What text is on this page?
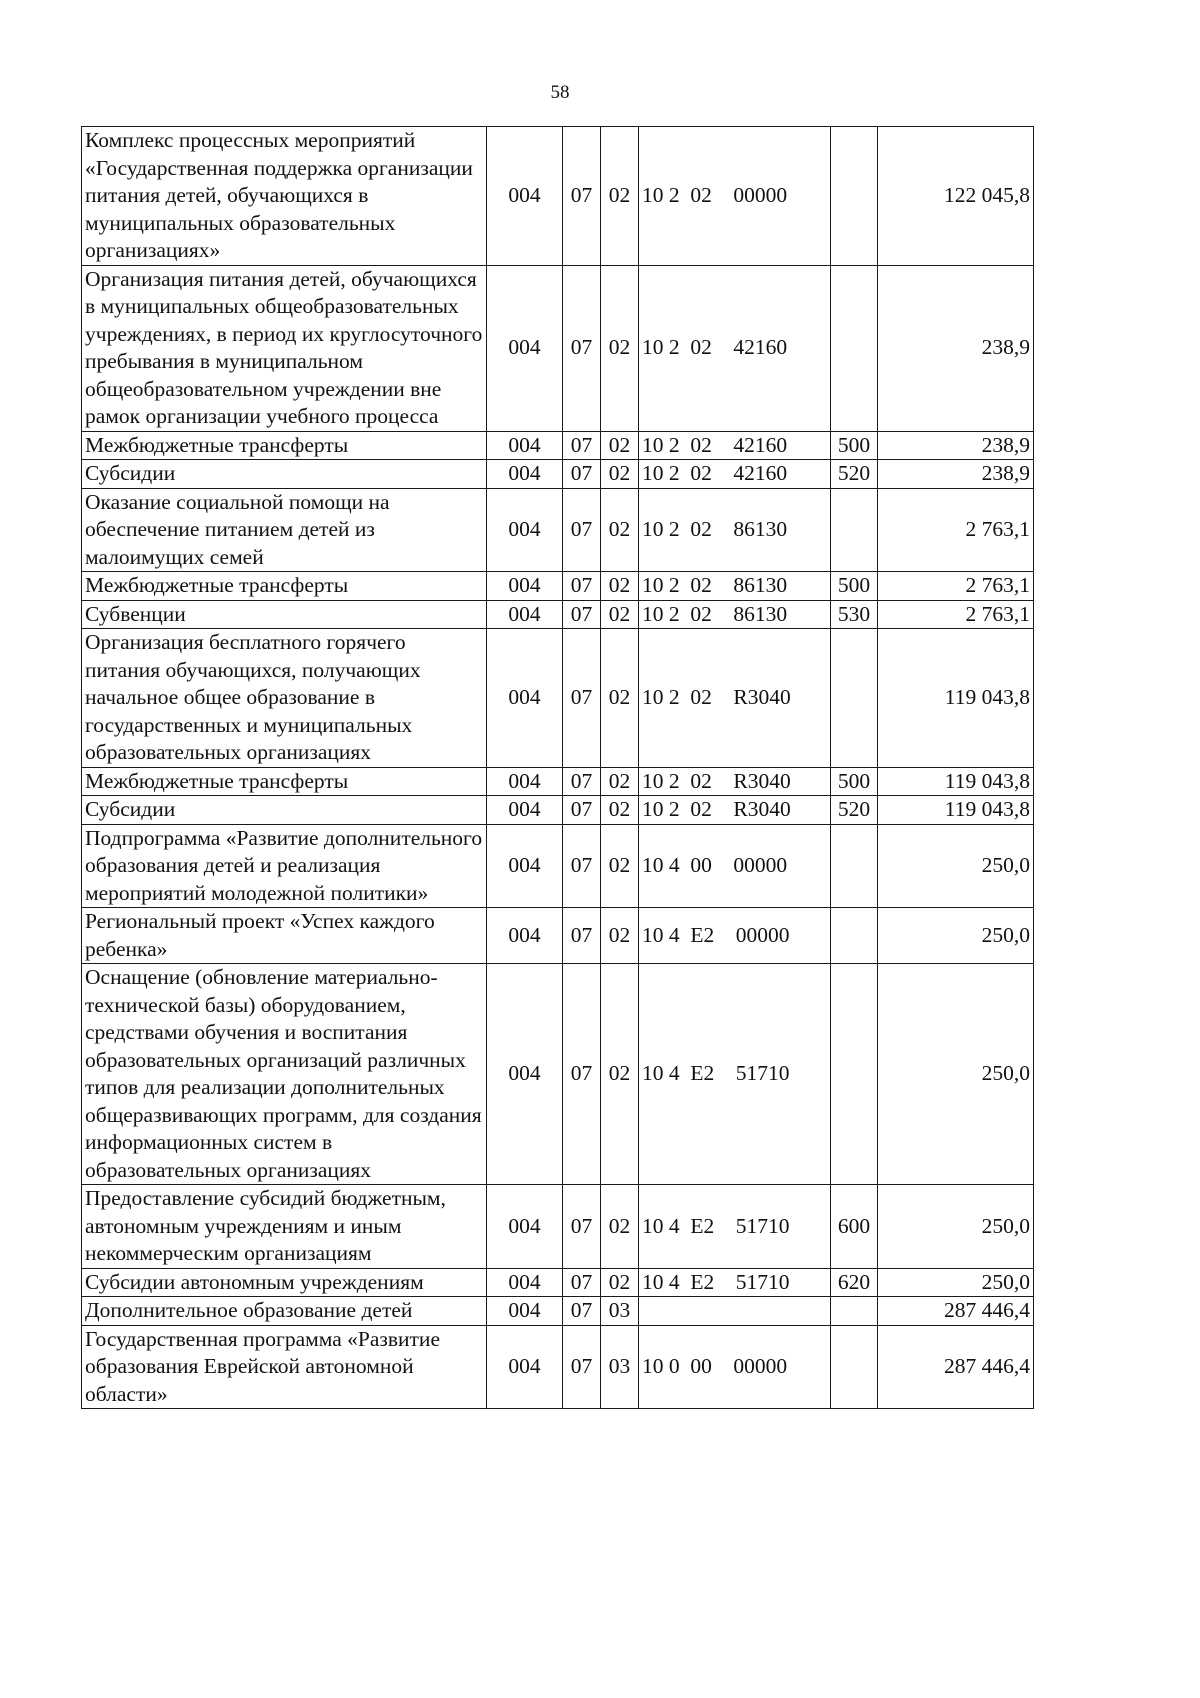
58
Комплекс процессных мероприятий «Государственная поддержка организации питания детей, обучающихся в муниципальных образовательных организациях»	004	07	02	10 2  02    00000		122 045,8
Организация питания детей, обучающихся в муниципальных общеобразовательных учреждениях, в период их круглосуточного пребывания в муниципальном общеобразовательном учреждении вне рамок организации учебного процесса	004	07	02	10 2  02    42160		238,9
Межбюджетные трансферты	004	07	02	10 2  02    42160	500	238,9
Субсидии	004	07	02	10 2  02    42160	520	238,9
Оказание социальной помощи на обеспечение питанием детей из малоимущих семей	004	07	02	10 2  02    86130		2 763,1
Межбюджетные трансферты	004	07	02	10 2  02    86130	500	2 763,1
Субвенции	004	07	02	10 2  02    86130	530	2 763,1
Организация бесплатного горячего питания обучающихся, получающих начальное общее образование в государственных и муниципальных образовательных организациях	004	07	02	10 2  02    R3040		119 043,8
Межбюджетные трансферты	004	07	02	10 2  02    R3040	500	119 043,8
Субсидии	004	07	02	10 2  02    R3040	520	119 043,8
Подпрограмма «Развитие дополнительного образования детей и реализация мероприятий молодежной политики»	004	07	02	10 4  00    00000		250,0
Региональный проект «Успех каждого ребенка»	004	07	02	10 4  E2    00000		250,0
Оснащение (обновление материально-технической базы) оборудованием, средствами обучения и воспитания образовательных организаций различных типов для реализации дополнительных общеразвивающих программ, для создания информационных систем в образовательных организациях	004	07	02	10 4  E2    51710		250,0
Предоставление субсидий бюджетным, автономным учреждениям и иным некоммерческим организациям	004	07	02	10 4  E2    51710	600	250,0
Субсидии автономным учреждениям	004	07	02	10 4  E2    51710	620	250,0
Дополнительное образование детей	004	07	03			287 446,4
Государственная программа «Развитие образования Еврейской автономной области»	004	07	03	10 0  00    00000		287 446,4
